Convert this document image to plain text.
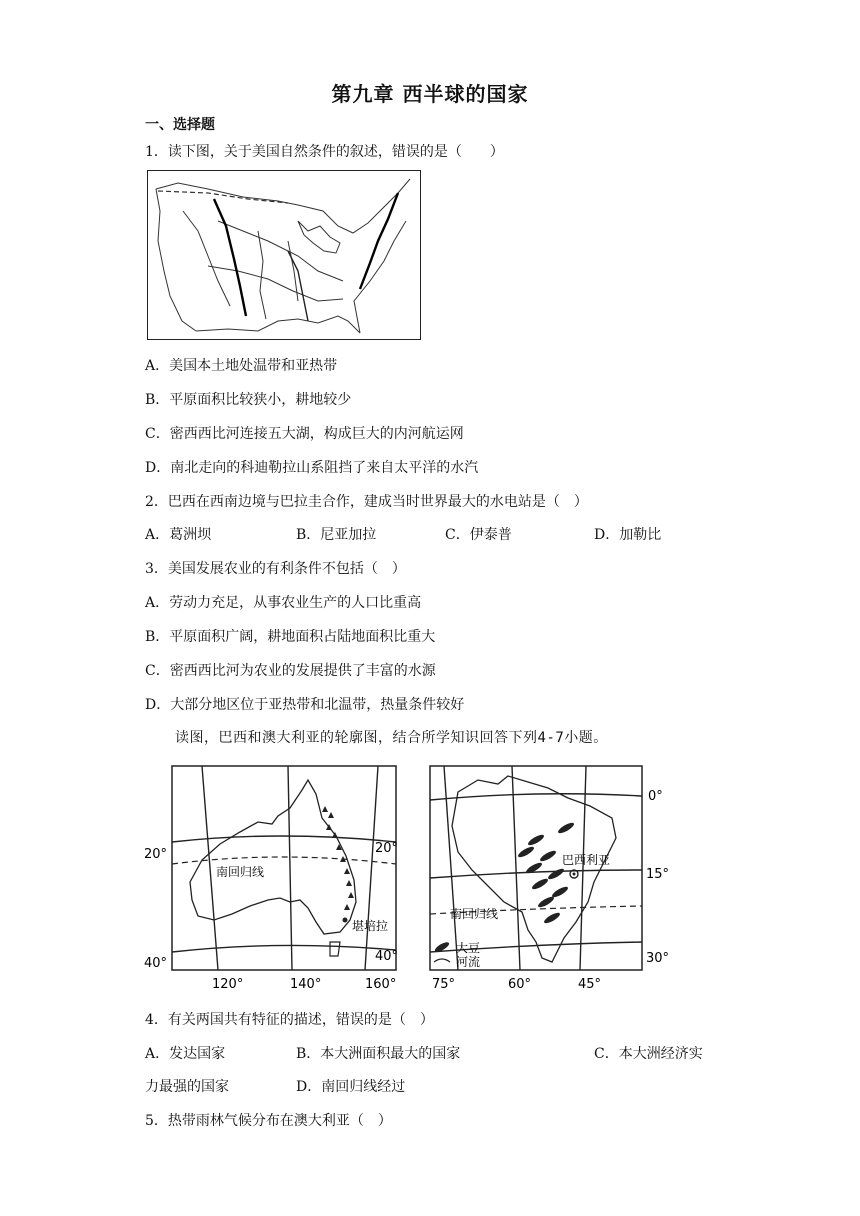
第九章 西半球的国家
一、选择题
1．读下图，关于美国自然条件的叙述，错误的是（　　）
A．美国本土地处温带和亚热带
B．平原面积比较狭小，耕地较少
C．密西西比河连接五大湖，构成巨大的内河航运网
D．南北走向的科迪勒拉山系阻挡了来自太平洋的水汽
2．巴西在西南边境与巴拉圭合作，建成当时世界最大的水电站是（　）
A．葛洲坝	B．尼亚加拉	C．伊泰普	D．加勒比
3．美国发展农业的有利条件不包括（　）
A．劳动力充足，从事农业生产的人口比重高
B．平原面积广阔，耕地面积占陆地面积比重大
C．密西西比河为农业的发展提供了丰富的水源
D．大部分地区位于亚热带和北温带，热量条件较好
读图，巴西和澳大利亚的轮廓图，结合所学知识回答下列4-7小题。
20°
40°
20°
40°
120°	140°	160°
南回归线
堪培拉
大豆
河流
0°
15°
30°
75°	60°	45°
巴西利亚
南回归线
4．有关两国共有特征的描述，错误的是（　）
A．发达国家	B．本大洲面积最大的国家	C．本大洲经济实
力最强的国家	D．南回归线经过
5．热带雨林气候分布在澳大利亚（　）
